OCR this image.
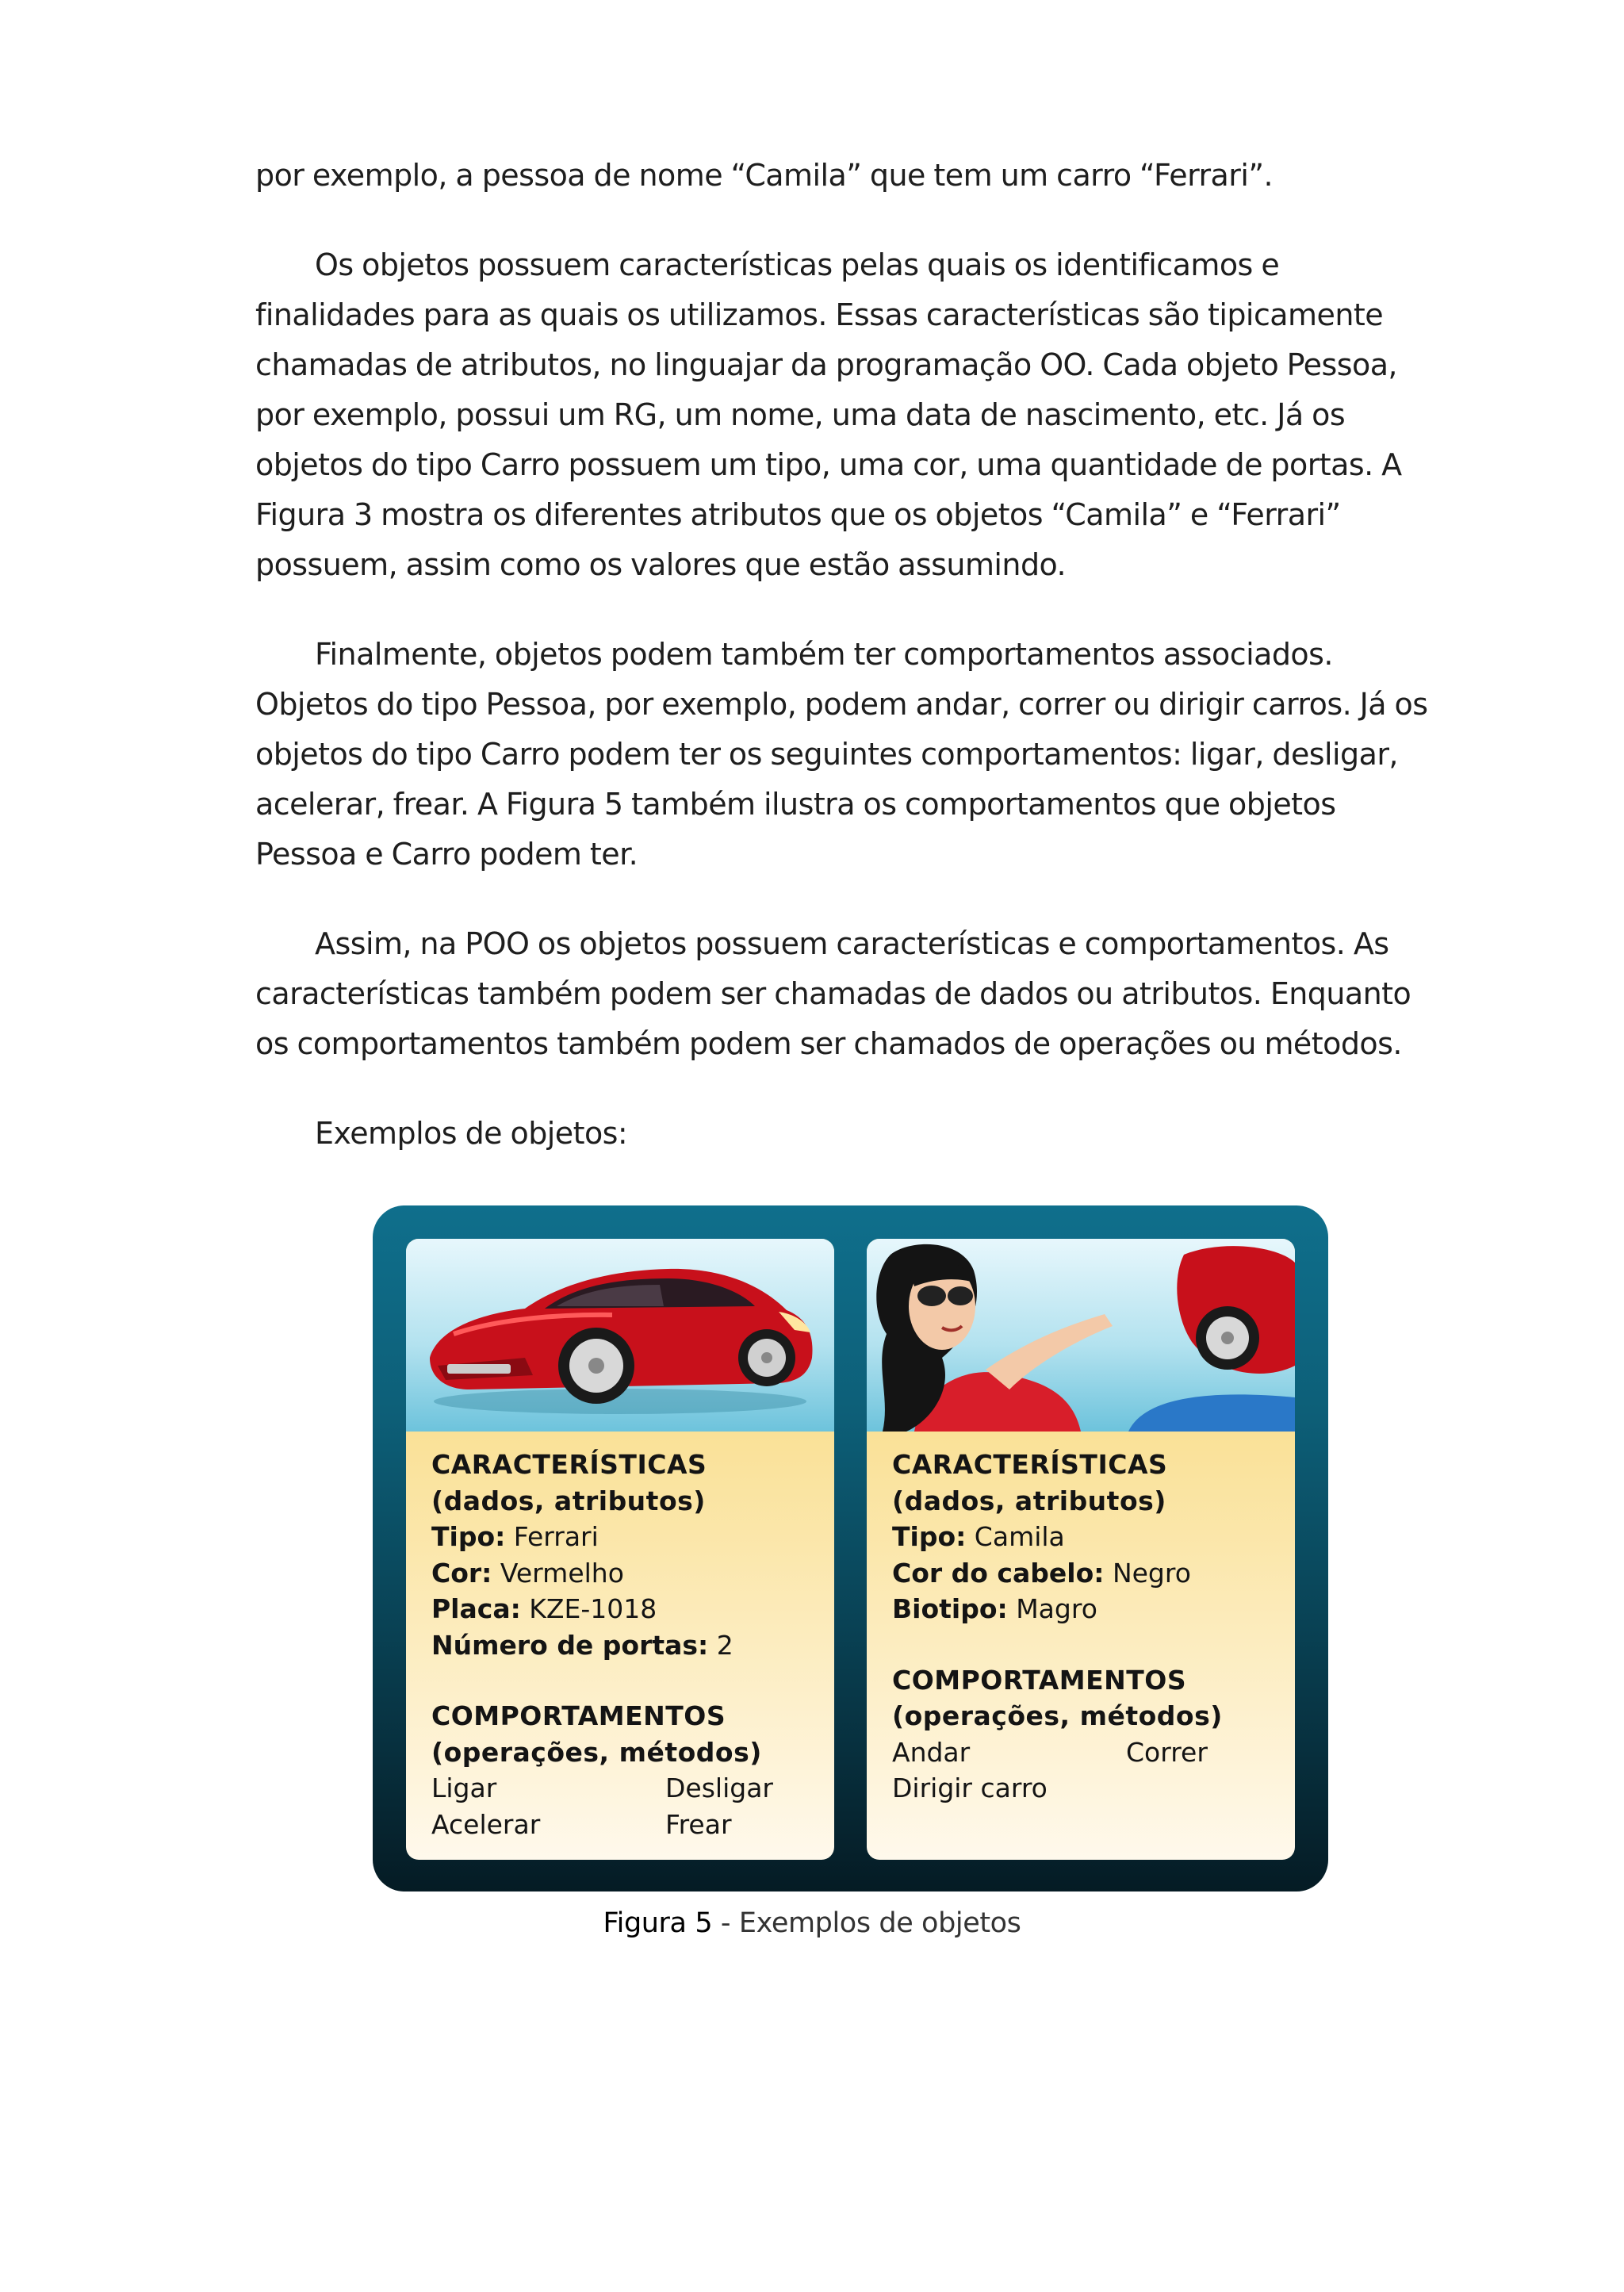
por exemplo, a pessoa de nome “Camila” que tem um carro “Ferrari”.

Os objetos possuem características pelas quais os identificamos e finalidades para as quais os utilizamos. Essas características são tipicamente chamadas de atributos, no linguajar da programação OO. Cada objeto Pessoa, por exemplo, possui um RG, um nome, uma data de nascimento, etc. Já os objetos do tipo Carro possuem um tipo, uma cor, uma quantidade de portas. A Figura 3 mostra os diferentes atributos que os objetos “Camila” e “Ferrari” possuem, assim como os valores que estão assumindo.

Finalmente, objetos podem também ter comportamentos associados. Objetos do tipo Pessoa, por exemplo, podem andar, correr ou dirigir carros. Já os objetos do tipo Carro podem ter os seguintes comportamentos: ligar, desligar, acelerar, frear. A Figura 5 também ilustra os comportamentos que objetos Pessoa e Carro podem ter.

Assim, na POO os objetos possuem características e comportamentos. As características também podem ser chamadas de dados ou atributos. Enquanto os comportamentos também podem ser chamados de operações ou métodos.

Exemplos de objetos:

CARACTERÍSTICAS
(dados, atributos)
Tipo: Ferrari
Cor: Vermelho
Placa: KZE-1018
Número de portas: 2
COMPORTAMENTOS
(operações, métodos)
Ligar	Desligar
Acelerar	Frear
CARACTERÍSTICAS
(dados, atributos)
Tipo: Camila
Cor do cabelo: Negro
Biotipo: Magro
COMPORTAMENTOS
(operações, métodos)
Andar	Correr
Dirigir carro
Figura 5 - Exemplos de objetos
